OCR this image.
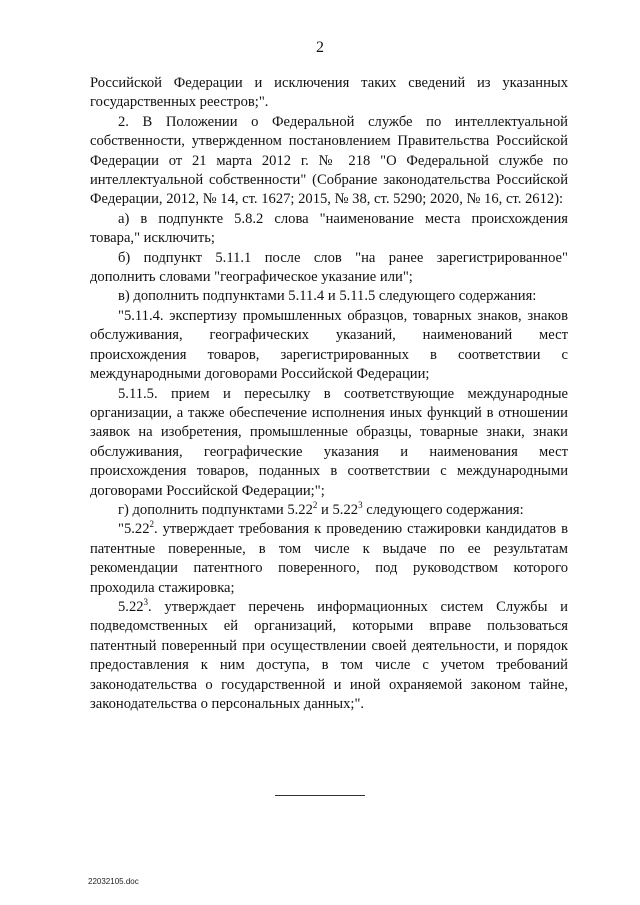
2

Российской Федерации и исключения таких сведений из указанных государственных реестров;".

2. В Положении о Федеральной службе по интеллектуальной собственности, утвержденном постановлением Правительства Российской Федерации от 21 марта 2012 г. № 218 "О Федеральной службе по интеллектуальной собственности" (Собрание законодательства Российской Федерации, 2012, № 14, ст. 1627; 2015, № 38, ст. 5290; 2020, № 16, ст. 2612):

а) в подпункте 5.8.2 слова "наименование места происхождения товара," исключить;

б) подпункт 5.11.1 после слов "на ранее зарегистрированное" дополнить словами "географическое указание или";

в) дополнить подпунктами 5.11.4 и 5.11.5 следующего содержания:

"5.11.4. экспертизу промышленных образцов, товарных знаков, знаков обслуживания, географических указаний, наименований мест происхождения товаров, зарегистрированных в соответствии с международными договорами Российской Федерации;

5.11.5. прием и пересылку в соответствующие международные организации, а также обеспечение исполнения иных функций в отношении заявок на изобретения, промышленные образцы, товарные знаки, знаки обслуживания, географические указания и наименования мест происхождения товаров, поданных в соответствии с международными договорами Российской Федерации;";

г) дополнить подпунктами 5.22$^2$ и 5.22$^3$ следующего содержания:

"5.22$^2$. утверждает требования к проведению стажировки кандидатов в патентные поверенные, в том числе к выдаче по ее результатам рекомендации патентного поверенного, под руководством которого проходила стажировка;

5.22$^3$. утверждает перечень информационных систем Службы и подведомственных ей организаций, которыми вправе пользоваться патентный поверенный при осуществлении своей деятельности, и порядок предоставления к ним доступа, в том числе с учетом требований законодательства о государственной и иной охраняемой законом тайне, законодательства о персональных данных;".

22032105.doc
